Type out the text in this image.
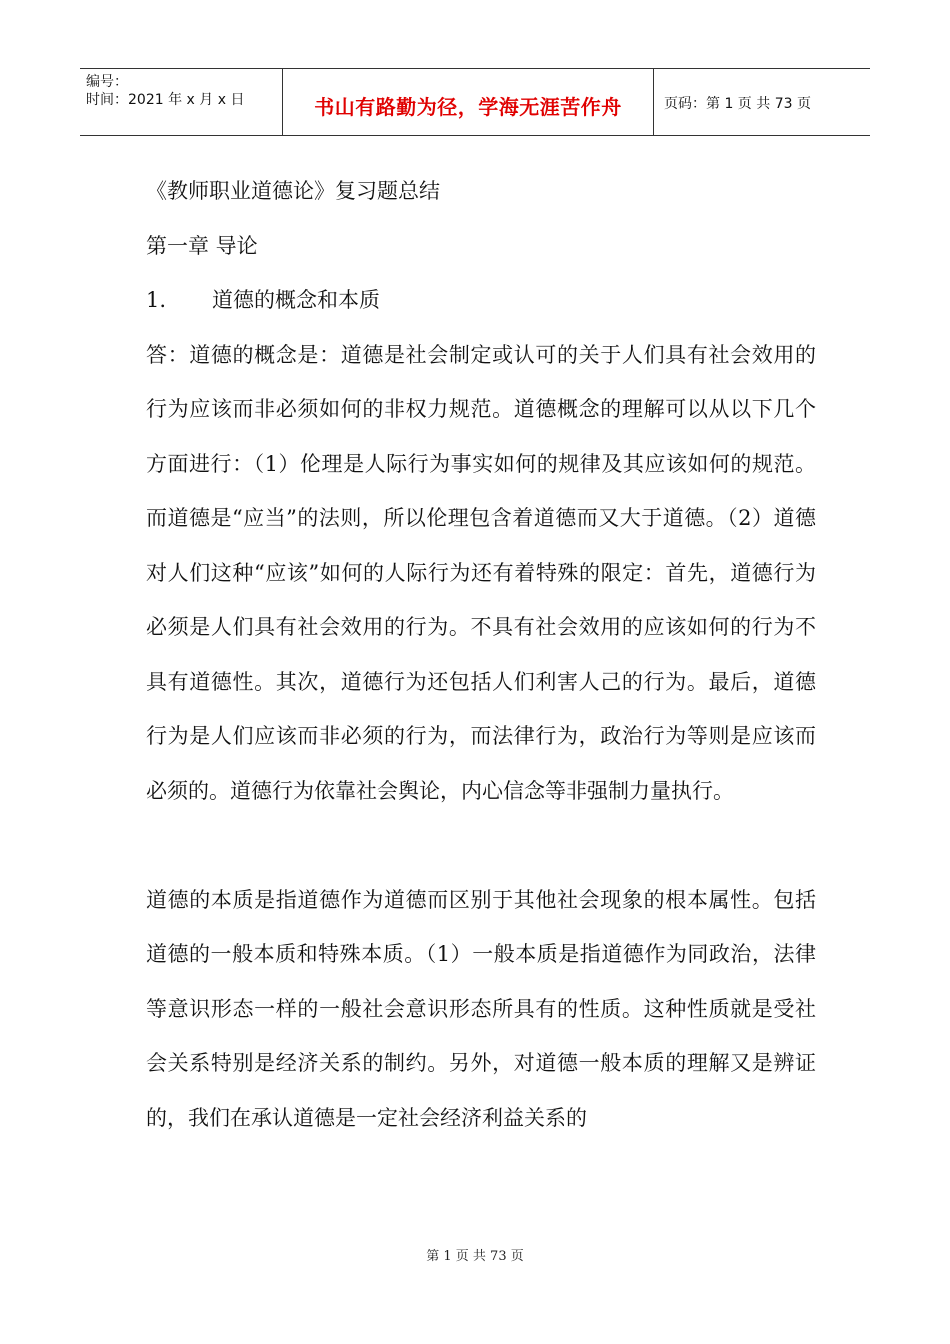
编号：
时间：2021 年 x 月 x 日	书山有路勤为径，学海无涯苦作舟	页码：第 1 页 共 73 页

《教师职业道德论》复习题总结

第一章 导论

1. 道德的概念和本质

答：道德的概念是：道德是社会制定或认可的关于人们具有社会效用的行为应该而非必须如何的非权力规范。道德概念的理解可以从以下几个方面进行：（1）伦理是人际行为事实如何的规律及其应该如何的规范。而道德是“应当”的法则，所以伦理包含着道德而又大于道德。（2）道德对人们这种“应该”如何的人际行为还有着特殊的限定：首先，道德行为必须是人们具有社会效用的行为。不具有社会效用的应该如何的行为不具有道德性。其次，道德行为还包括人们利害人己的行为。最后，道德行为是人们应该而非必须的行为，而法律行为，政治行为等则是应该而必须的。道德行为依靠社会舆论，内心信念等非强制力量执行。

道德的本质是指道德作为道德而区别于其他社会现象的根本属性。包括道德的一般本质和特殊本质。（1）一般本质是指道德作为同政治，法律等意识形态一样的一般社会意识形态所具有的性质。这种性质就是受社会关系特别是经济关系的制约。另外，对道德一般本质的理解又是辨证的，我们在承认道德是一定社会经济利益关系的

第 1 页 共 73 页
